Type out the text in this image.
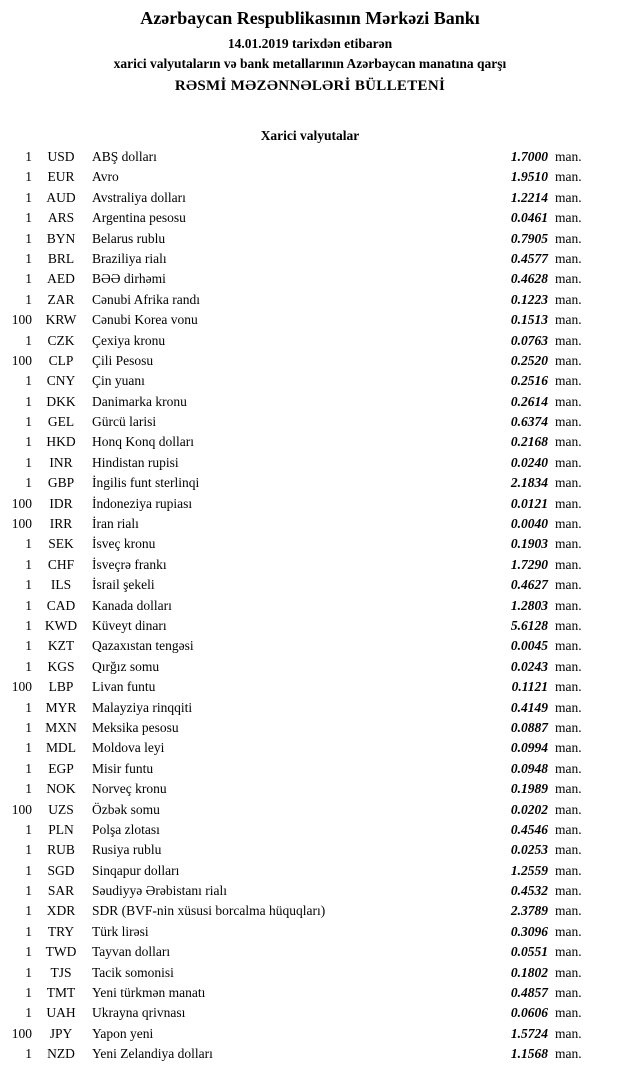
Azərbaycan Respublikasının Mərkəzi Bankı
14.01.2019 tarixdən etibarən
xarici valyutaların və bank metallarının Azərbaycan manatına qarşı
RƏSMİ MƏZƏNNƏLƏRİ BÜLLETENİ
Xarici valyutalar
1	USD	ABŞ dolları	1.7000 man.
1	EUR	Avro	1.9510 man.
1	AUD	Avstraliya dolları	1.2214 man.
1	ARS	Argentina pesosu	0.0461 man.
1	BYN	Belarus rublu	0.7905 man.
1	BRL	Braziliya rialı	0.4577 man.
1	AED	BƏƏ dirhəmi	0.4628 man.
1	ZAR	Cənubi Afrika randı	0.1223 man.
100	KRW	Cənubi Korea vonu	0.1513 man.
1	CZK	Çexiya kronu	0.0763 man.
100	CLP	Çili Pesosu	0.2520 man.
1	CNY	Çin yuanı	0.2516 man.
1	DKK	Danimarka kronu	0.2614 man.
1	GEL	Gürcü larisi	0.6374 man.
1	HKD	Honq Konq dolları	0.2168 man.
1	INR	Hindistan rupisi	0.0240 man.
1	GBP	İngilis funt sterlinqi	2.1834 man.
100	IDR	İndoneziya rupiası	0.0121 man.
100	IRR	İran rialı	0.0040 man.
1	SEK	İsveç kronu	0.1903 man.
1	CHF	İsveçrə frankı	1.7290 man.
1	ILS	İsrail şekeli	0.4627 man.
1	CAD	Kanada dolları	1.2803 man.
1 KWD	Küveyt dinarı	5.6128 man.
1	KZT	Qazaxıstan tengəsi	0.0045 man.
1	KGS	Qırğız somu	0.0243 man.
100	LBP	Livan funtu	0.1121 man.
1	MYR	Malayziya rinqqiti	0.4149 man.
1 MXN	Meksika pesosu	0.0887 man.
1	MDL	Moldova leyi	0.0994 man.
1	EGP	Misir funtu	0.0948 man.
1	NOK	Norveç kronu	0.1989 man.
100	UZS	Özbək somu	0.0202 man.
1	PLN	Polşa zlotası	0.4546 man.
1	RUB	Rusiya rublu	0.0253 man.
1	SGD	Sinqapur dolları	1.2559 man.
1	SAR	Səudiyyə Ərəbistanı rialı	0.4532 man.
1	XDR	SDR (BVF-nin xüsusi borcalma hüquqları)	2.3789 man.
1	TRY	Türk lirəsi	0.3096 man.
1	TWD	Tayvan dolları	0.0551 man.
1	TJS	Tacik somonisi	0.1802 man.
1	TMT	Yeni türkmən manatı	0.4857 man.
1	UAH	Ukrayna qrivnası	0.0606 man.
100	JPY	Yapon yeni	1.5724 man.
1	NZD	Yeni Zelandiya dolları	1.1568 man.
